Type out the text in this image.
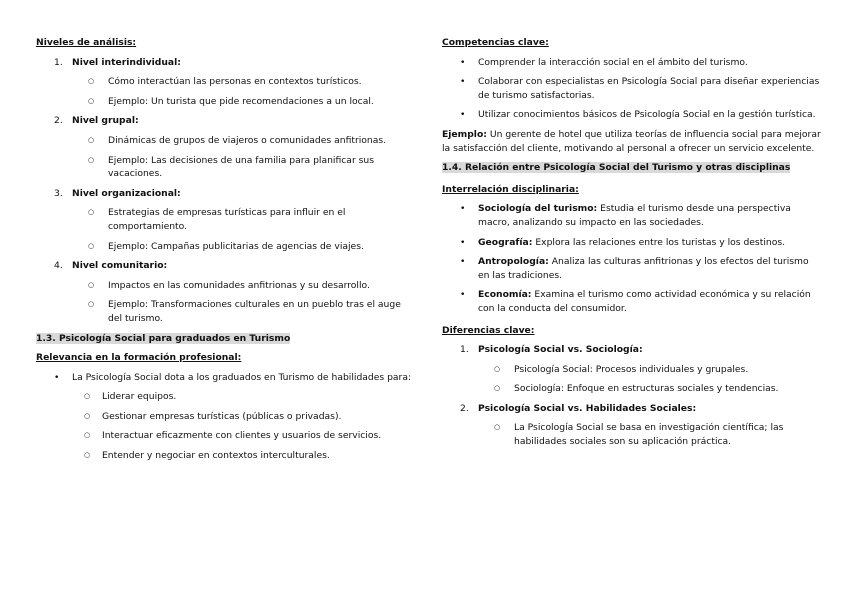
Niveles de análisis:
1. Nivel interindividual:
○ Cómo interactúan las personas en contextos turísticos.
○ Ejemplo: Un turista que pide recomendaciones a un local.
2. Nivel grupal:
○ Dinámicas de grupos de viajeros o comunidades anfitrionas.
○ Ejemplo: Las decisiones de una familia para planificar sus vacaciones.
3. Nivel organizacional:
○ Estrategias de empresas turísticas para influir en el comportamiento.
○ Ejemplo: Campañas publicitarias de agencias de viajes.
4. Nivel comunitario:
○ Impactos en las comunidades anfitrionas y su desarrollo.
○ Ejemplo: Transformaciones culturales en un pueblo tras el auge del turismo.
1.3. Psicología Social para graduados en Turismo
Relevancia en la formación profesional:
• La Psicología Social dota a los graduados en Turismo de habilidades para:
○ Liderar equipos.
○ Gestionar empresas turísticas (públicas o privadas).
○ Interactuar eficazmente con clientes y usuarios de servicios.
○ Entender y negociar en contextos interculturales.
Competencias clave:
• Comprender la interacción social en el ámbito del turismo.
• Colaborar con especialistas en Psicología Social para diseñar experiencias de turismo satisfactorias.
• Utilizar conocimientos básicos de Psicología Social en la gestión turística.
Ejemplo: Un gerente de hotel que utiliza teorías de influencia social para mejorar la satisfacción del cliente, motivando al personal a ofrecer un servicio excelente.
1.4. Relación entre Psicología Social del Turismo y otras disciplinas
Interrelación disciplinaria:
• Sociología del turismo: Estudia el turismo desde una perspectiva macro, analizando su impacto en las sociedades.
• Geografía: Explora las relaciones entre los turistas y los destinos.
• Antropología: Analiza las culturas anfitrionas y los efectos del turismo en las tradiciones.
• Economía: Examina el turismo como actividad económica y su relación con la conducta del consumidor.
Diferencias clave:
1. Psicología Social vs. Sociología:
○ Psicología Social: Procesos individuales y grupales.
○ Sociología: Enfoque en estructuras sociales y tendencias.
2. Psicología Social vs. Habilidades Sociales:
○ La Psicología Social se basa en investigación científica; las habilidades sociales son su aplicación práctica.
